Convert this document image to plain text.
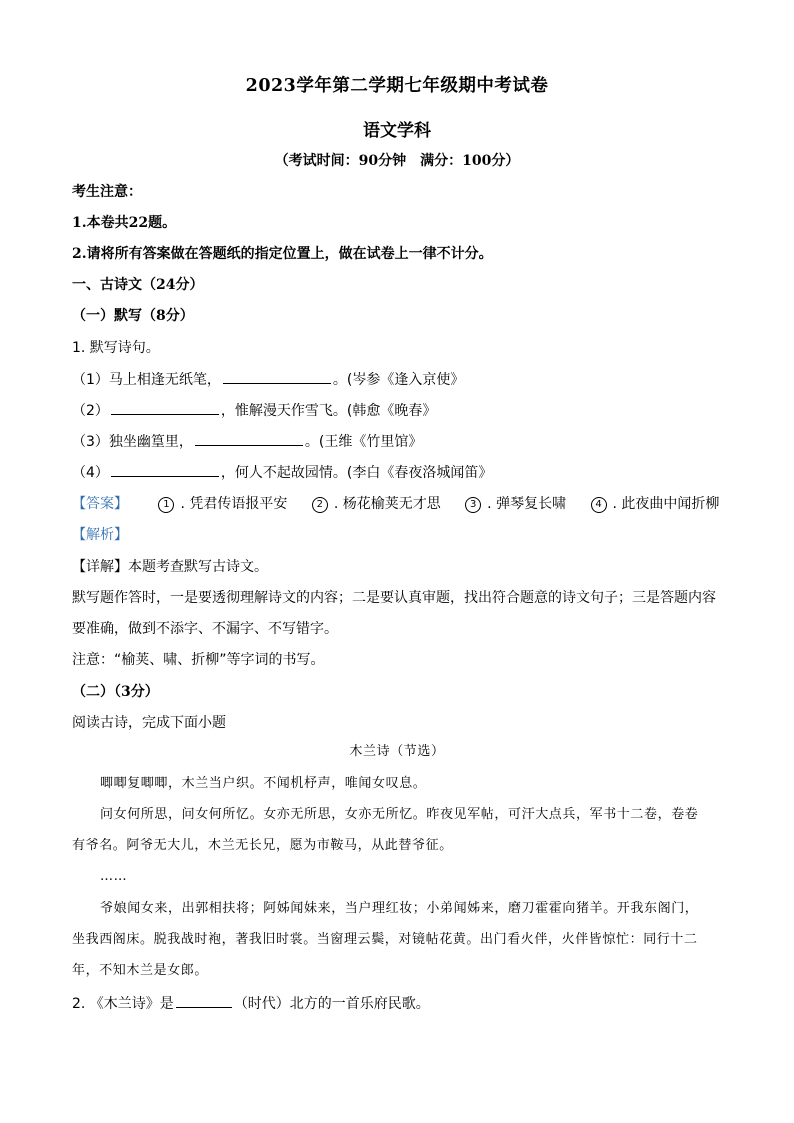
2023学年第二学期七年级期中考试卷
语文学科
（考试时间：90分钟　满分：100分）
考生注意：
1.本卷共22题。
2.请将所有答案做在答题纸的指定位置上，做在试卷上一律不计分。
一、古诗文（24分）
（一）默写（8分）
1. 默写诗句。
（1）马上相逢无纸笔，	。(岑参《逢入京使》
（2）	，惟解漫天作雪飞。(韩愈《晚春》
（3）独坐幽篁里，	。(王维《竹里馆》
（4）	，何人不起故园情。(李白《春夜洛城闻笛》
【答案】	1 . 凭君传语报平安	2 . 杨花榆荚无才思	3 . 弹琴复长啸	4 . 此夜曲中闻折柳
【解析】
【详解】本题考查默写古诗文。
默写题作答时，一是要透彻理解诗文的内容；二是要认真审题，找出符合题意的诗文句子；三是答题内容
要准确，做到不添字、不漏字、不写错字。
注意：“榆荚、啸、折柳”等字词的书写。
（二）（3分）
阅读古诗，完成下面小题
木兰诗（节选）
唧唧复唧唧，木兰当户织。不闻机杼声，唯闻女叹息。
问女何所思，问女何所忆。女亦无所思，女亦无所忆。昨夜见军帖，可汗大点兵，军书十二卷，卷卷
有爷名。阿爷无大儿，木兰无长兄，愿为市鞍马，从此替爷征。
……
爷娘闻女来，出郭相扶将；阿姊闻妹来，当户理红妆；小弟闻姊来，磨刀霍霍向猪羊。开我东阁门，
坐我西阁床。脱我战时袍，著我旧时裳。当窗理云鬓，对镜帖花黄。出门看火伴，火伴皆惊忙：同行十二
年，不知木兰是女郎。
2. 《木兰诗》是	（时代）北方的一首乐府民歌。
